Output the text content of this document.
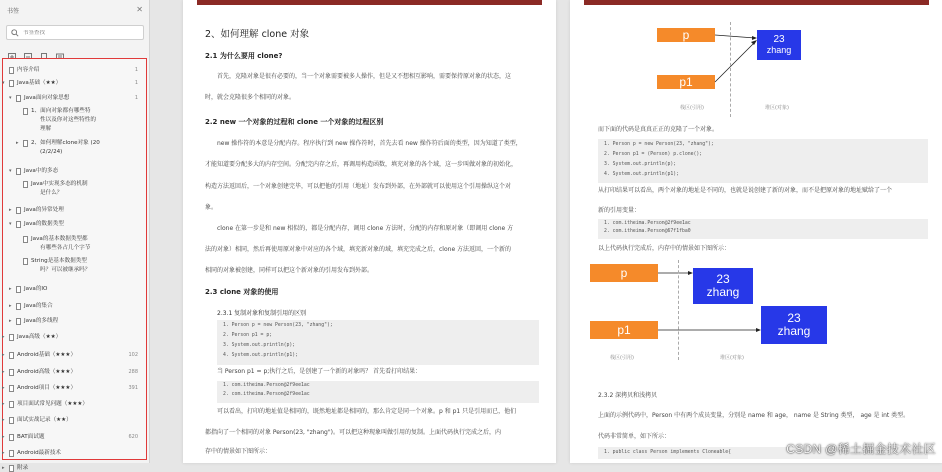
书签	✕
书签查找
内容介绍	1
▾ Java基础（★★）	1
▾ Java面向对象思想	1
1、面向对象都有哪些特
性以及你对这些特性的
理解
▸ 2、如何理解clone对象 (20
(2/2/24)
▾ Java中的多态
Java中实现多态的机制
是什么？
▸ Java的异常处理
▾ Java的数据类型
Java的基本数据类型都
有哪些各占几个字节
String是基本数据类型
吗？可以被继承吗？
▸ Java的IO
▸ Java的集合
▸ Java的多线程
▸ Java高级（★★）
▸ Android基础（★★★）	102
▸ Android高级（★★★）	288
▸ Android项目（★★★）	391
▸ 项目面试常见问题（★★★）
▸ 面试实战记录（★★）
▸ BAT面试题	620
▸ Android最新技术
▸ 附录
2、如何理解 clone 对象
2.1 为什么要用 clone?
首先，克隆对象是很有必要的，当一个对象需要被多人操作，但是又不想相互影响，需要保持原对象的状态，这
时，就会克隆很多个相同的对象。
2.2 new 一个对象的过程和 clone 一个对象的过程区别
new 操作符的本意是分配内存。程序执行到 new 操作符时，首先去看 new 操作符后面的类型，因为知道了类型，
才能知道要分配多大的内存空间。分配完内存之后，再调用构造函数，填充对象的各个域，这一步叫做对象的初始化，
构造方法返回后，一个对象创建完毕，可以把他的引用（地址）发布到外部，在外部就可以使用这个引用操纵这个对
象。
clone 在第一步是和 new 相似的，都是分配内存，调用 clone 方法时，分配的内存和原对象（即调用 clone 方
法的对象）相同，然后再使用原对象中对应的各个域，填充新对象的域，填充完成之后，clone 方法返回，一个新的
相同的对象被创建，同样可以把这个新对象的引用发布到外部。
2.3 clone 对象的使用
2.3.1 复制对象和复制引用的区别
1. Person p = new Person(23, "zhang");
2. Person p1 = p;
3. System.out.println(p);
4. System.out.println(p1);
当 Person p1 = p;执行之后，是创建了一个新的对象吗？ 首先看打印结果：
1. com.itheima.Person@2f9ee1ac
2. com.itheima.Person@2f9ee1ac
可以看出，打印的地址值是相同的，既然地址都是相同的，那么肯定是同一个对象。p 和 p1 只是引用而已，他们
都指向了一个相同的对象 Person(23, "zhang")。可以把这种现象叫做引用的复制。上面代码执行完成之后，内
存中的情景如下图所示：
p
p1
23
zhang
栈区(引用)	堆区(对象)
而下面的代码是真真正正的克隆了一个对象。
1. Person p = new Person(23, "zhang");
2. Person p1 = (Person) p.clone();
3. System.out.println(p);
4. System.out.println(p1);
从打印结果可以看出，两个对象的地址是不同的，也就是说创建了新的对象，而不是把原对象的地址赋给了一个
新的引用变量：
1. com.itheima.Person@2f9ee1ac
2. com.itheima.Person@67f1fba0
以上代码执行完成后，内存中的情景如下图所示：
p
p1
23
zhang
23
zhang
栈区(引用)	堆区(对象)
2.3.2 深拷贝和浅拷贝
上面的示例代码中，Person 中有两个成员变量，分别是 name 和 age， name 是 String 类型， age 是 int 类型。
代码非常简单，如下所示：
1. public class Person implements Cloneable{	CSDN @稀土掘金技术社区
